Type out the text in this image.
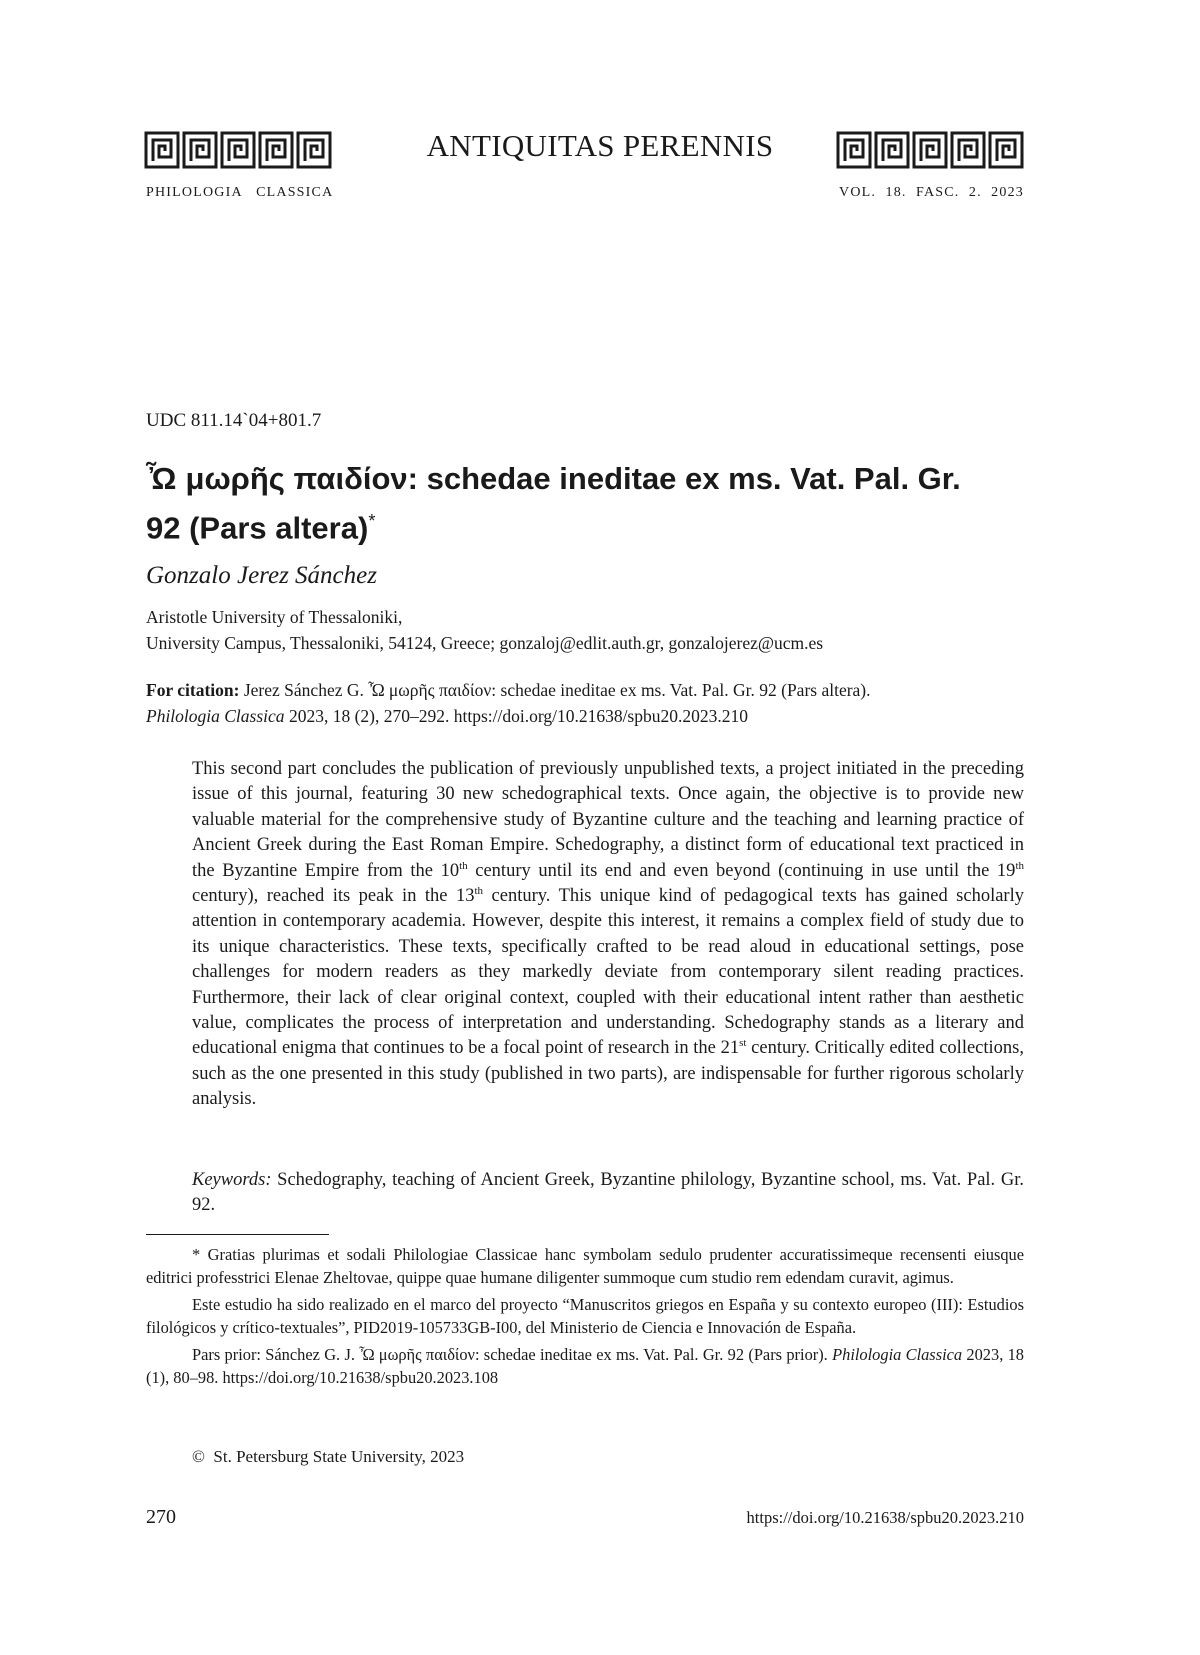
ANTIQUITAS PERENNIS
PHILOLOGIA   CLASSICA	VOL.  18.  FASC.  2.  2023
UDC 811.14`04+801.7
Ὦ μωρῆς παιδίον: schedae ineditae ex ms. Vat. Pal. Gr.
92 (Pars altera)*
Gonzalo Jerez Sánchez
Aristotle University of Thessaloniki,
University Campus, Thessaloniki, 54124, Greece; gonzaloj@edlit.auth.gr, gonzalojerez@ucm.es
For citation: Jerez Sánchez G. Ὦ μωρῆς παιδίον: schedae ineditae ex ms. Vat. Pal. Gr. 92 (Pars altera).
Philologia Classica 2023, 18 (2), 270–292. https://doi.org/10.21638/spbu20.2023.210

This second part concludes the publication of previously unpublished texts, a project initiated in the preceding issue of this journal, featuring 30 new schedographical texts. Once again, the objective is to provide new valuable material for the comprehensive study of Byzantine culture and the teaching and learning practice of Ancient Greek during the East Roman Empire. Schedography, a distinct form of educational text practiced in the Byzantine Empire from the 10th century until its end and even beyond (continuing in use until the 19th century), reached its peak in the 13th century. This unique kind of pedagogical texts has gained scholarly attention in contemporary academia. However, despite this interest, it remains a complex field of study due to its unique characteristics. These texts, specifically crafted to be read aloud in educational settings, pose challenges for modern readers as they markedly deviate from contemporary silent reading practices. Furthermore, their lack of clear original context, coupled with their educational intent rather than aesthetic value, complicates the process of interpretation and understanding. Schedography stands as a literary and educational enigma that continues to be a focal point of research in the 21st century. Critically edited collections, such as the one presented in this study (published in two parts), are indispensable for further rigorous scholarly analysis.

Keywords: Schedography, teaching of Ancient Greek, Byzantine philology, Byzantine school, ms. Vat. Pal. Gr. 92.

* Gratias plurimas et sodali Philologiae Classicae hanc symbolam sedulo prudenter accuratissimeque recensenti eiusque editrici professtrici Elenae Zheltovae, quippe quae humane diligenter summoque cum studio rem edendam curavit, agimus.

Este estudio ha sido realizado en el marco del proyecto “Manuscritos griegos en España y su contexto europeo (III): Estudios filológicos y crítico-textuales”, PID2019-105733GB-I00, del Ministerio de Ciencia e Innovación de España.

Pars prior: Sánchez G. J. Ὦ μωρῆς παιδίον: schedae ineditae ex ms. Vat. Pal. Gr. 92 (Pars prior). Philologia Classica 2023, 18 (1), 80–98. https://doi.org/10.21638/spbu20.2023.108

©  St. Petersburg State University, 2023
270	https://doi.org/10.21638/spbu20.2023.210
